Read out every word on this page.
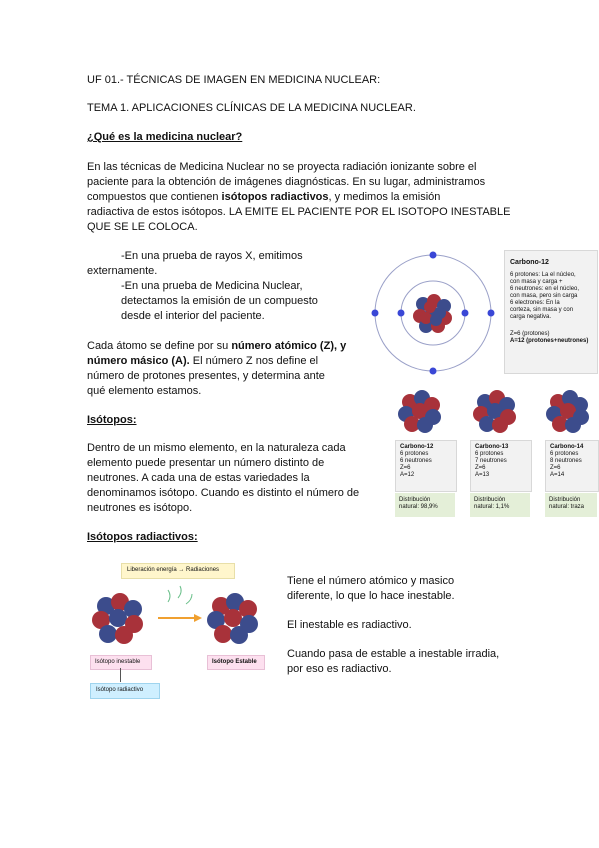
UF 01.- TÉCNICAS DE IMAGEN EN MEDICINA NUCLEAR:
TEMA 1. APLICACIONES CLÍNICAS DE LA MEDICINA NUCLEAR.
¿Qué es la medicina nuclear?
En las técnicas de Medicina Nuclear no se proyecta radiación ionizante sobre el
paciente para la obtención de imágenes diagnósticas. En su lugar, administramos
compuestos que contienen isótopos radiactivos, y medimos la emisión
radiactiva de estos isótopos. LA EMITE EL PACIENTE POR EL ISOTOPO INESTABLE
QUE SE LE COLOCA.
-En una prueba de rayos X, emitimos
externamente.
-En una prueba de Medicina Nuclear,
detectamos la emisión de un compuesto
desde el interior del paciente.
Cada átomo se define por su número atómico (Z), y
número másico (A). El número Z nos define el
número de protones presentes, y determina ante
qué elemento estamos.
Isótopos:
Dentro de un mismo elemento, en la naturaleza cada
elemento puede presentar un número distinto de
neutrones. A cada una de estas variedades la
denominamos isótopo. Cuando es distinto el número de
neutrones es isótopo.
Isótopos radiactivos:
Tiene el número atómico y masico
diferente, lo que lo hace inestable.
El inestable es radiactivo.
Cuando pasa de estable a inestable irradia,
por eso es radiactivo.
Carbono-12
6 protones: La el núcleo,
con masa y carga +
6 neutrones: en el núcleo,
con masa, pero sin carga
6 electrones: En la
corteza, sin masa y con
carga negativa.
Z=6 (protones)
A=12 (protones+neutrones)
Carbono-12
6 protones
6 neutrones
Z=6
A=12
Carbono-13
6 protones
7 neutrones
Z=6
A=13
Carbono-14
6 protones
8 neutrones
Z=6
A=14
Distribución
natural: 98,9%
Distribución
natural: 1,1%
Distribución
natural: traza
Liberación energía → Radiaciones
Isótopo inestable	Isótopo Estable
Isótopo radiactivo
